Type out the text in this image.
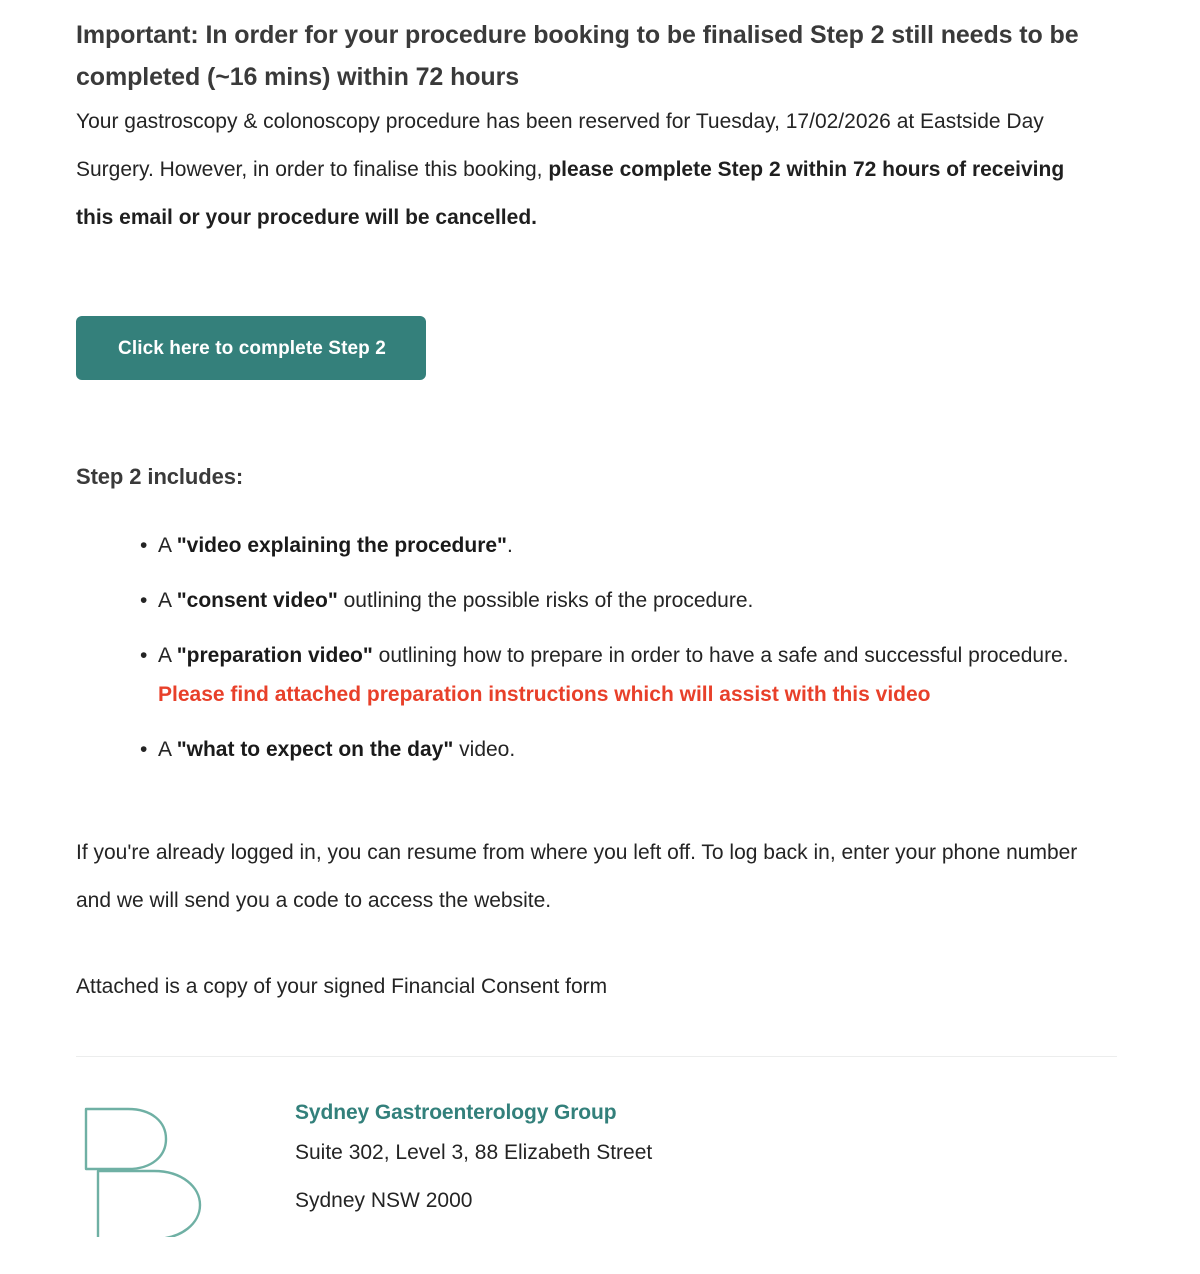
Important: In order for your procedure booking to be finalised Step 2 still needs to be completed (~16 mins) within 72 hours

Your gastroscopy & colonoscopy procedure has been reserved for Tuesday, 17/02/2026 at Eastside Day Surgery. However, in order to finalise this booking, please complete Step 2 within 72 hours of receiving this email or your procedure will be cancelled.

Click here to complete Step 2
Step 2 includes:
• A "video explaining the procedure".
• A "consent video" outlining the possible risks of the procedure.
• A "preparation video" outlining how to prepare in order to have a safe and successful procedure. Please find attached preparation instructions which will assist with this video
• A "what to expect on the day" video.

If you're already logged in, you can resume from where you left off. To log back in, enter your phone number and we will send you a code to access the website.

Attached is a copy of your signed Financial Consent form

Sydney Gastroenterology Group

Suite 302, Level 3, 88 Elizabeth Street

Sydney NSW 2000
